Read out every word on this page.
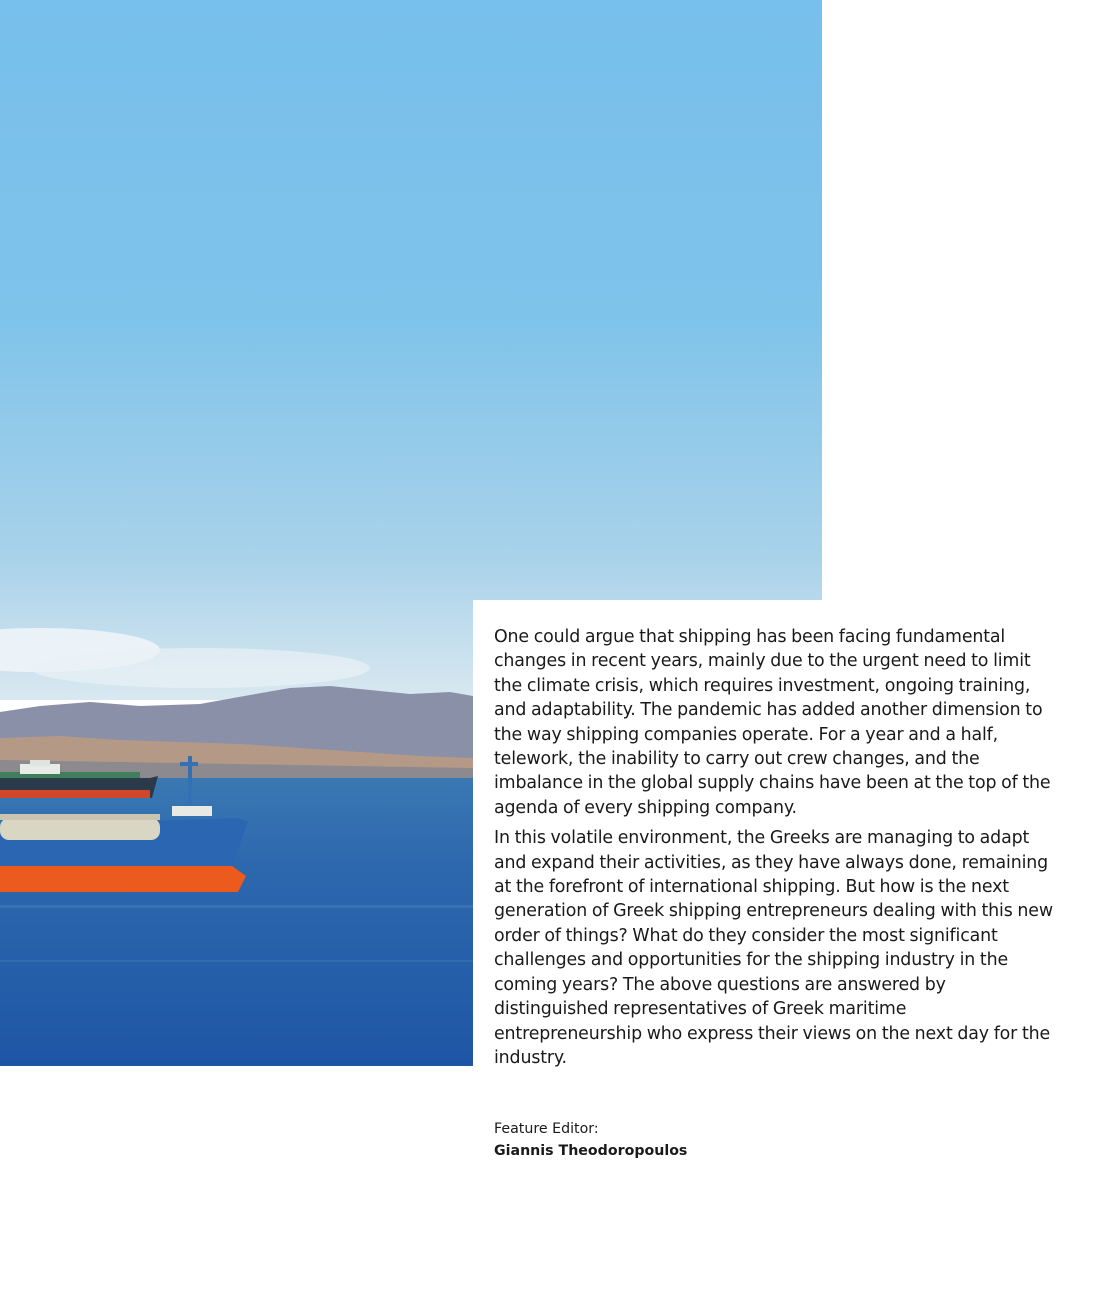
One could argue that shipping has been facing fundamental changes in recent years, mainly due to the urgent need to limit the climate crisis, which requires investment, ongoing training, and adaptability. The pandemic has added another dimension to the way shipping companies operate. For a year and a half, telework, the inability to carry out crew changes, and the imbalance in the global supply chains have been at the top of the agenda of every shipping company.

In this volatile environment, the Greeks are managing to adapt and expand their activities, as they have always done, remaining at the forefront of international shipping. But how is the next generation of Greek shipping entrepreneurs dealing with this new order of things? What do they consider the most significant challenges and opportunities for the shipping industry in the coming years? The above questions are answered by distinguished representatives of Greek maritime entrepreneurship who express their views on the next day for the industry.

Feature Editor:
Giannis Theodoropoulos
